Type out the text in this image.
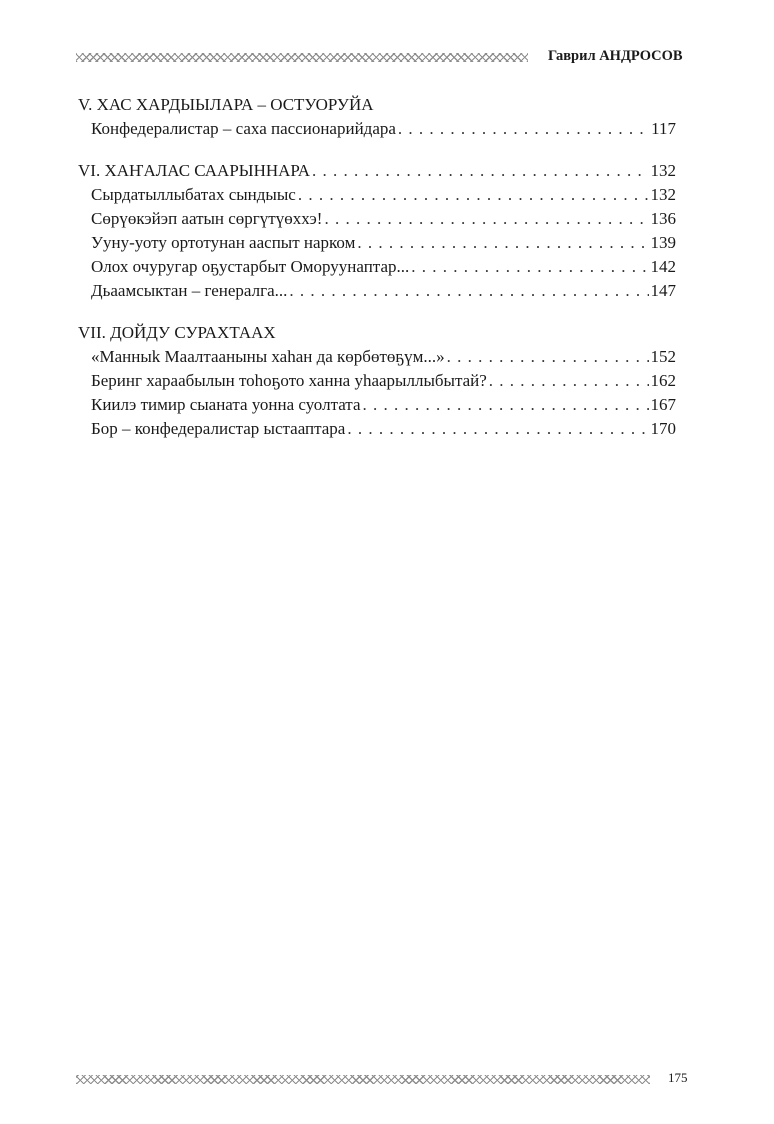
Гаврил АНДРОСОВ
V. ХАС ХАРДЫЫЛАРА – ОСТУОРУЙА
Конфедералистар – саха пассионарийдара . . .	117
VI. ХАҤАЛАС СААРЫННАРА . . .	132
Сырдатыллыбатах сындыыс . . .	132
Сөрүөкэйэп аатын сөргүтүөххэ! . . .	136
Ууну-уоту ортотунан ааспыт нарком . . .	139
Олох очуругар оҕустарбыт Оморуунаптар... . . .	142
Дьаамсыктан – генералга... . . .	147
VII. ДОЙДУ СУРАХТААХ
«Манныk Маалтааныны хаһан да көрбөтөҕүм...» . . .	152
Беринг хараабылын тоһоҕото ханна уһаарыллыбытай? . . .	162
Киилэ тимир сыаната уонна суолтата . . .	167
Бор – конфедералистар ыстааптара . . .	170
175
